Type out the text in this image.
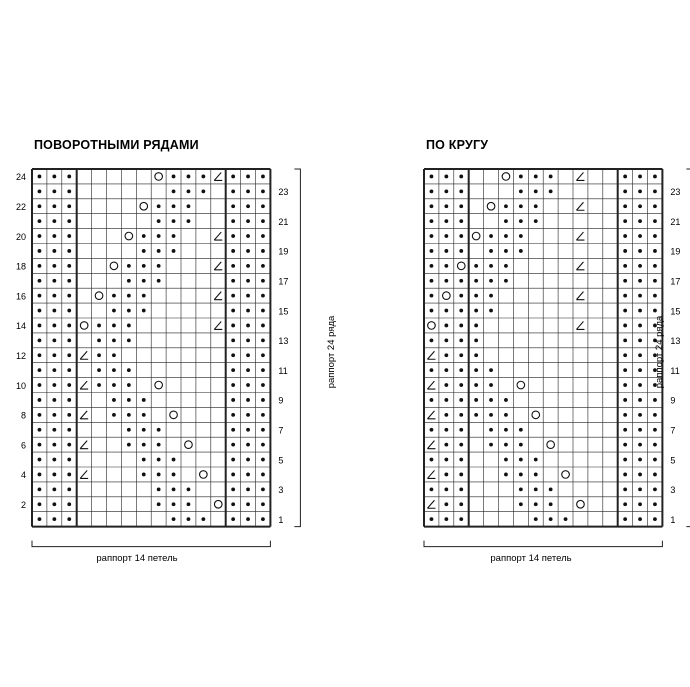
ПОВОРОТНЫМИ РЯДАМИ	ПО КРУГУ
24
22
20
18
16
14
12
10
8
6
4
2
23
21
19
17
15
13
11
9
7
5
3
1
23
21
19
17
15
13
11
9
7
5
3
1
раппорт 14 петель	раппорт 14 петель
раппорт 24 ряда	раппорт 24 ряда
